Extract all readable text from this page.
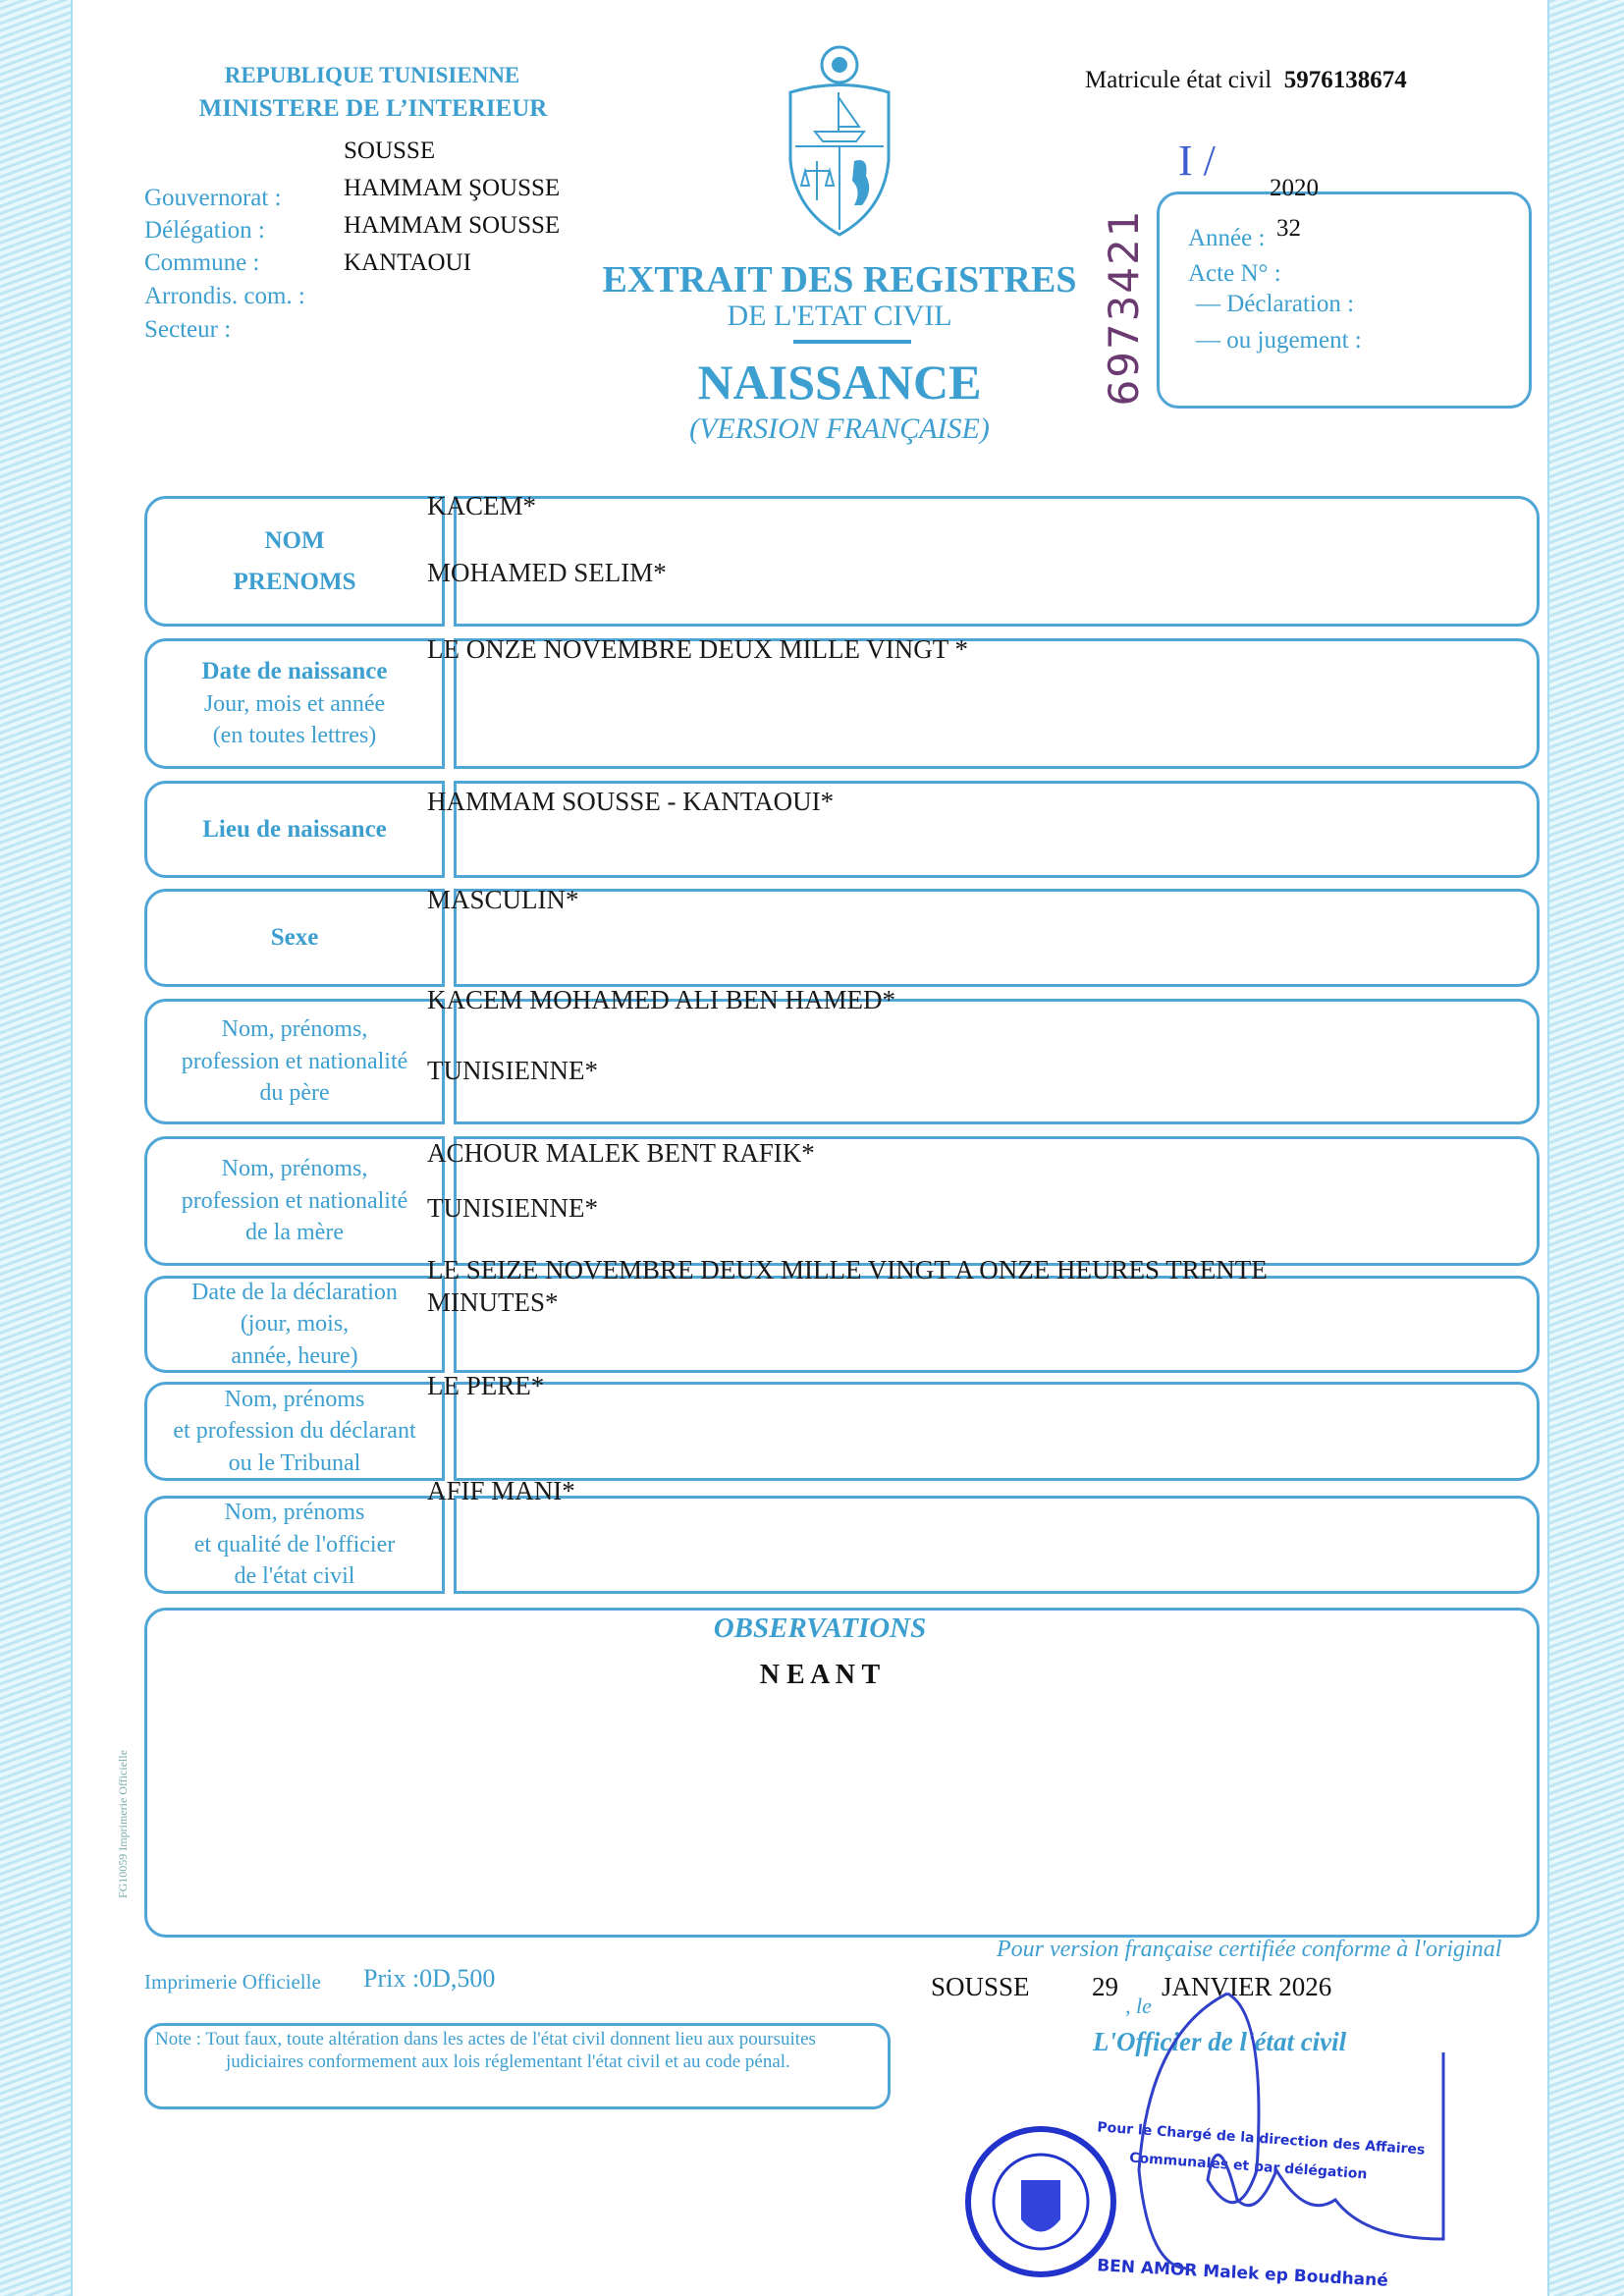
REPUBLIQUE TUNISIENNE
MINISTERE DE L’INTERIEUR
Matricule état civil 5976138674
Gouvernorat :
Délégation :
Commune :
Arrondis. com. :
Secteur :
SOUSSE
HAMMAM ŞOUSSE
HAMMAM SOUSSE
KANTAOUI	EXTRAIT DES REGISTRES
DE L'ETAT CIVIL
NAISSANCE
(VERSION FRANÇAISE)
6973421
I /
2020
Année : 32
Acte N° :
— Déclaration :
— ou jugement :
NOM
PRENOMS
KACEM*
MOHAMED SELIM*
Date de naissance
Jour, mois et année
(en toutes lettres)
LE ONZE NOVEMBRE DEUX MILLE VINGT *
Lieu de naissance
HAMMAM SOUSSE - KANTAOUI*
Sexe
MASCULIN*
Nom, prénoms,
profession et nationalité
du père
KACEM MOHAMED ALI BEN HAMED*
TUNISIENNE*
Nom, prénoms,
profession et nationalité
de la mère
ACHOUR MALEK BENT RAFIK*
TUNISIENNE*
Date de la déclaration
(jour, mois,
année, heure)
LE SEIZE NOVEMBRE DEUX MILLE VINGT A ONZE HEURES TRENTE
MINUTES*
Nom, prénoms
et profession du déclarant
ou le Tribunal
LE PERE*
Nom, prénoms
et qualité de l'officier
de l'état civil
AFIF MANI*
OBSERVATIONS
N E A N T
FG10059 Imprimerie Officielle
Imprimerie Officielle Prix :0D,500
Pour version française certifiée conforme à l'original
SOUSSE 29
, le
JANVIER 2026
L'Officier de l'état civil
Note : Tout faux, toute altération dans les actes de l'état civil donnent lieu aux poursuites judiciaires conformement aux lois réglementant l'état civil et au code pénal.
Pour le Chargé de la direction des Affaires
Communales et par délégation
BEN AMOR Malek ep Boudhané
